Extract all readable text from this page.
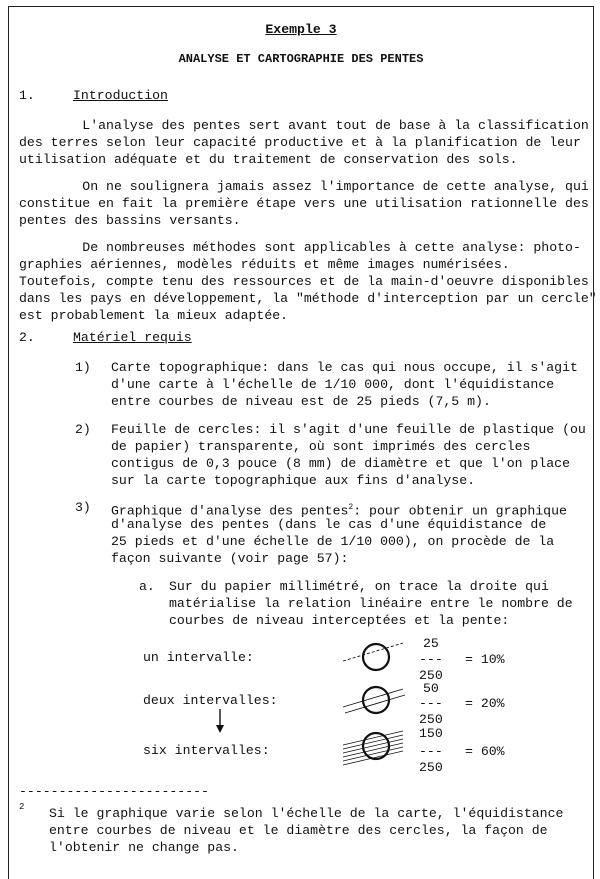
Exemple 3
ANALYSE ET CARTOGRAPHIE DES PENTES
1.	Introduction
L'analyse des pentes sert avant tout de base à la classification
des terres selon leur capacité productive et à la planification de leur
utilisation adéquate et du traitement de conservation des sols.
On ne soulignera jamais assez l'importance de cette analyse, qui
constitue en fait la première étape vers une utilisation rationnelle des
pentes des bassins versants.
De nombreuses méthodes sont applicables à cette analyse: photo-
graphies aériennes, modèles réduits et même images numérisées.
Toutefois, compte tenu des ressources et de la main-d'oeuvre disponibles
dans les pays en développement, la "méthode d'interception par un cercle"
est probablement la mieux adaptée.
2.	Matériel requis
1) Carte topographique: dans le cas qui nous occupe, il s'agit
d'une carte à l'échelle de 1/10 000, dont l'équidistance
entre courbes de niveau est de 25 pieds (7,5 m).
2) Feuille de cercles: il s'agit d'une feuille de plastique (ou
de papier) transparente, où sont imprimés des cercles
contigus de 0,3 pouce (8 mm) de diamètre et que l'on place
sur la carte topographique aux fins d'analyse.
3) Graphique d'analyse des pentes$^2$: pour obtenir un graphique
d'analyse des pentes (dans le cas d'une équidistance de
25 pieds et d'une échelle de 1/10 000), on procède de la
façon suivante (voir page 57):
a. Sur du papier millimétré, on trace la droite qui
matérialise la relation linéaire entre le nombre de
courbes de niveau interceptées et la pente:
un intervalle:
deux intervalles:
six intervalles:
25
---
250
= 10%
50
---
250
= 20%
150
---
250
= 60%
------------------------
2 Si le graphique varie selon l'échelle de la carte, l'équidistance
entre courbes de niveau et le diamètre des cercles, la façon de
l'obtenir ne change pas.
